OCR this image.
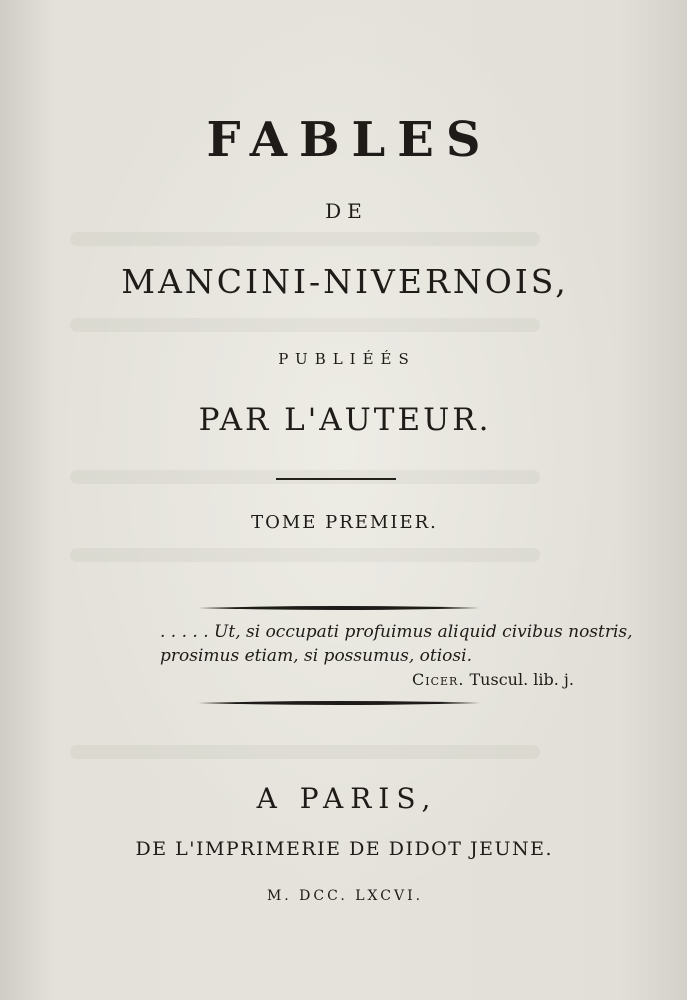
FABLES
DE
MANCINI-NIVERNOIS,
PUBLIÉÉS
PAR L'AUTEUR.
TOME PREMIER.
. . . . . Ut, si occupati profuimus aliquid civibus nostris,
prosimus etiam, si possumus, otiosi.
Cicer. Tuscul. lib. j.
A PARIS,
DE L'IMPRIMERIE DE DIDOT JEUNE.
M. DCC. LXCVI.
